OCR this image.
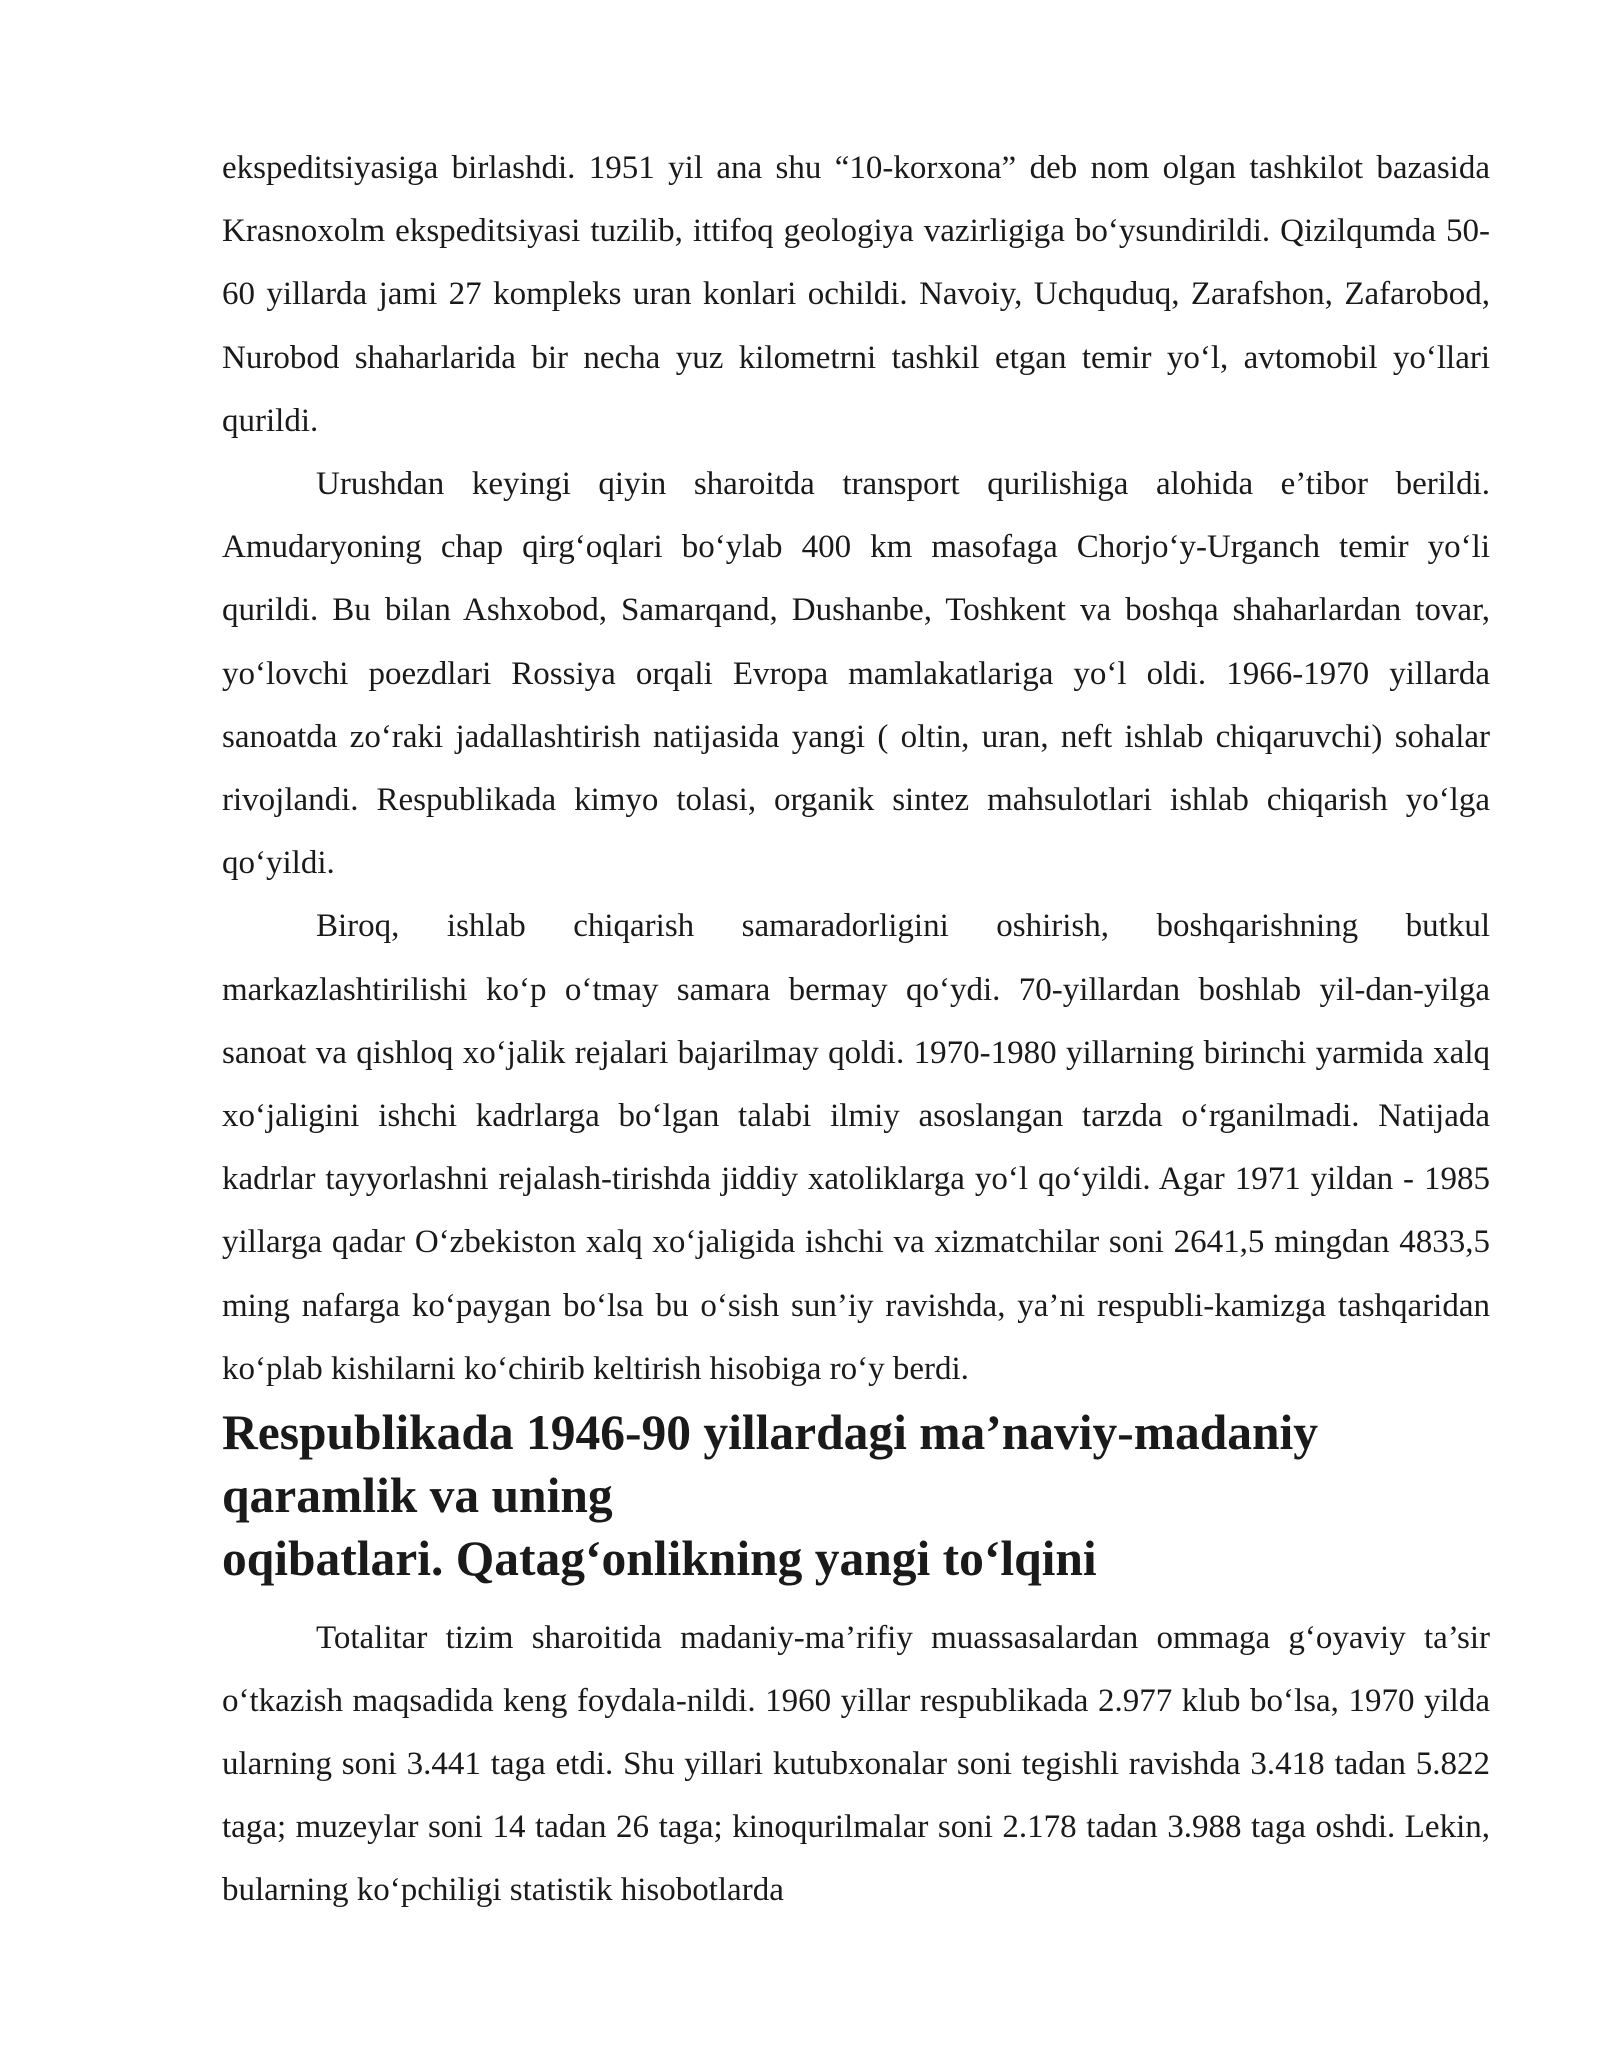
ekspeditsiyasiga birlashdi. 1951 yil ana shu “10-korxona” deb nom olgan tashkilot bazasida Krasnoxolm ekspeditsiyasi tuzilib, ittifoq geologiya vazirligiga bo‘ysundirildi. Qizilqumda 50-60 yillarda jami 27 kompleks uran konlari ochildi. Navoiy, Uchquduq, Zarafshon, Zafarobod, Nurobod shaharlarida bir necha yuz kilometrni tashkil etgan temir yo‘l, avtomobil yo‘llari qurildi.

Urushdan keyingi qiyin sharoitda transport qurilishiga alohida e’tibor berildi. Amudaryoning chap qirg‘oqlari bo‘ylab 400 km masofaga Chorjo‘y-Urganch temir yo‘li qurildi. Bu bilan Ashxobod, Samarqand, Dushanbe, Toshkent va boshqa shaharlardan tovar, yo‘lovchi poezdlari Rossiya orqali Evropa mamlakatlariga yo‘l oldi. 1966-1970 yillarda sanoatda zo‘raki jadallashtirish natijasida yangi ( oltin, uran, neft ishlab chiqaruvchi) sohalar rivojlandi. Respublikada kimyo tolasi, organik sintez mahsulotlari ishlab chiqarish yo‘lga qo‘yildi.

Biroq, ishlab chiqarish samaradorligini oshirish, boshqarishning butkul markazlashtirilishi ko‘p o‘tmay samara bermay qo‘ydi. 70-yillardan boshlab yil-dan-yilga sanoat va qishloq xo‘jalik rejalari bajarilmay qoldi. 1970-1980 yillarning birinchi yarmida xalq xo‘jaligini ishchi kadrlarga bo‘lgan talabi ilmiy asoslangan tarzda o‘rganilmadi. Natijada kadrlar tayyorlashni rejalash-tirishda jiddiy xatoliklarga yo‘l qo‘yildi. Agar 1971 yildan - 1985 yillarga qadar O‘zbekiston xalq xo‘jaligida ishchi va xizmatchilar soni 2641,5 mingdan 4833,5 ming nafarga ko‘paygan bo‘lsa bu o‘sish sun’iy ravishda, ya’ni respubli-kamizga tashqaridan ko‘plab kishilarni ko‘chirib keltirish hisobiga ro‘y berdi.

Respublikada 1946-90 yillardagi ma’naviy-madaniy qaramlik va uning
oqibatlari. Qatag‘onlikning yangi to‘lqini

Totalitar tizim sharoitida madaniy-ma’rifiy muassasalardan ommaga g‘oyaviy ta’sir o‘tkazish maqsadida keng foydala-nildi. 1960 yillar respublikada 2.977 klub bo‘lsa, 1970 yilda ularning soni 3.441 taga etdi. Shu yillari kutubxonalar soni tegishli ravishda 3.418 tadan 5.822 taga; muzeylar soni 14 tadan 26 taga; kinoqurilmalar soni 2.178 tadan 3.988 taga oshdi. Lekin, bularning ko‘pchiligi statistik hisobotlarda
